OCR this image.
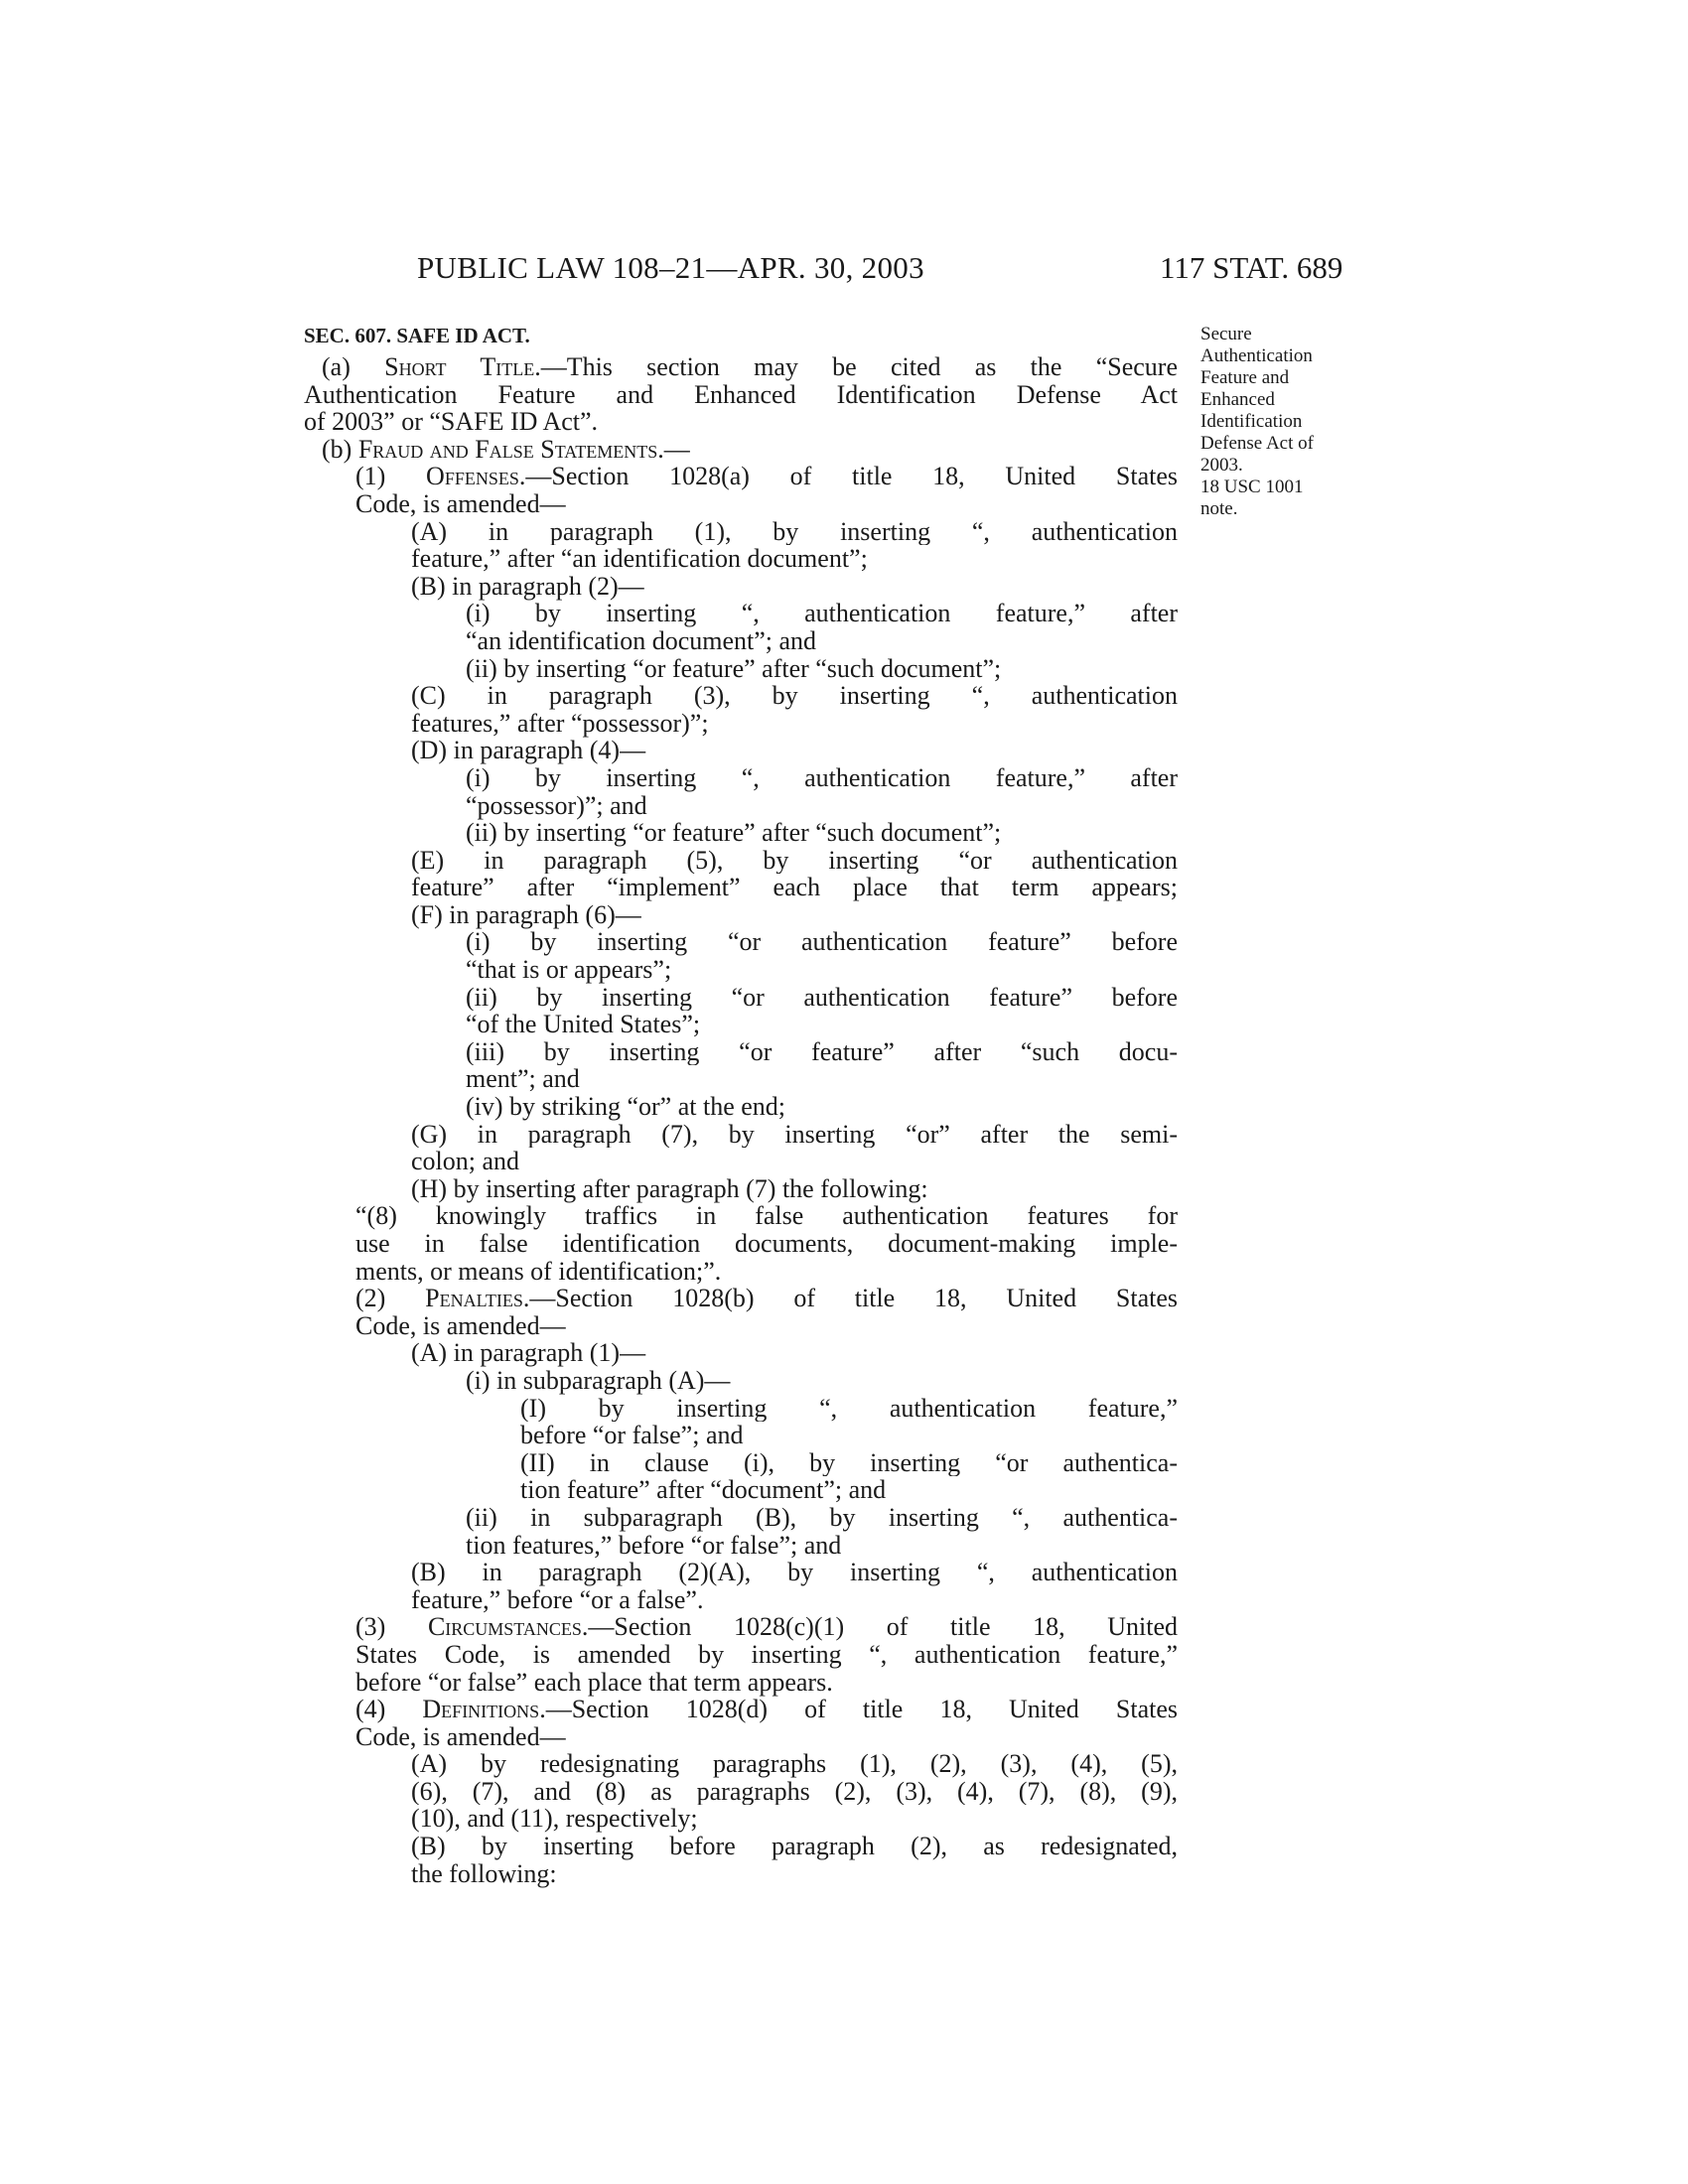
PUBLIC LAW 108–21—APR. 30, 2003	117 STAT. 689
SEC. 607. SAFE ID ACT.	Secure
Authentication
Feature and
Enhanced
Identification
Defense Act of
2003.
18 USC 1001
note.
(a) Short Title.—This section may be cited as the “Secure
Authentication Feature and Enhanced Identification Defense Act
of 2003” or “SAFE ID Act”.
(b) Fraud and False Statements.—
(1) Offenses.—Section 1028(a) of title 18, United States
Code, is amended—
(A) in paragraph (1), by inserting “, authentication
feature,” after “an identification document”;
(B) in paragraph (2)—
(i) by inserting “, authentication feature,” after
“an identification document”; and
(ii) by inserting “or feature” after “such document”;
(C) in paragraph (3), by inserting “, authentication
features,” after “possessor)”;
(D) in paragraph (4)—
(i) by inserting “, authentication feature,” after
“possessor)”; and
(ii) by inserting “or feature” after “such document”;
(E) in paragraph (5), by inserting “or authentication
feature” after “implement” each place that term appears;
(F) in paragraph (6)—
(i) by inserting “or authentication feature” before
“that is or appears”;
(ii) by inserting “or authentication feature” before
“of the United States”;
(iii) by inserting “or feature” after “such docu-
ment”; and
(iv) by striking “or” at the end;
(G) in paragraph (7), by inserting “or” after the semi-
colon; and
(H) by inserting after paragraph (7) the following:
“(8) knowingly traffics in false authentication features for
use in false identification documents, document-making imple-
ments, or means of identification;”.
(2) Penalties.—Section 1028(b) of title 18, United States
Code, is amended—
(A) in paragraph (1)—
(i) in subparagraph (A)—
(I) by inserting “, authentication feature,”
before “or false”; and
(II) in clause (i), by inserting “or authentica-
tion feature” after “document”; and
(ii) in subparagraph (B), by inserting “, authentica-
tion features,” before “or false”; and
(B) in paragraph (2)(A), by inserting “, authentication
feature,” before “or a false”.
(3) Circumstances.—Section 1028(c)(1) of title 18, United
States Code, is amended by inserting “, authentication feature,”
before “or false” each place that term appears.
(4) Definitions.—Section 1028(d) of title 18, United States
Code, is amended—
(A) by redesignating paragraphs (1), (2), (3), (4), (5),
(6), (7), and (8) as paragraphs (2), (3), (4), (7), (8), (9),
(10), and (11), respectively;
(B) by inserting before paragraph (2), as redesignated,
the following:
